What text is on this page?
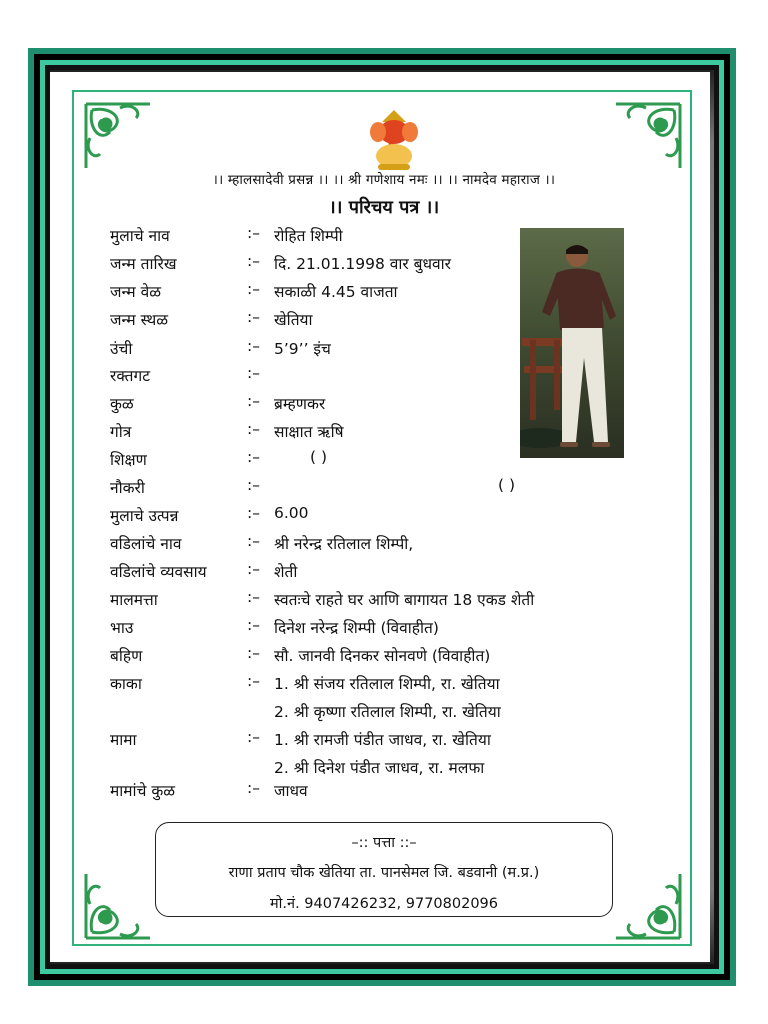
।। म्हालसादेवी प्रसन्न ।। ।। श्री गणेशाय नमः ।। ।। नामदेव महाराज ।।
।। परिचय पत्र ।।
मुलाचे नाव	:– रोहित शिम्पी
जन्म तारिख	:– दि. 21.01.1998 वार बुधवार
जन्म वेळ	:– सकाळी 4.45 वाजता
जन्म स्थळ	:– खेतिया
उंची	:– 5’9’’ इंच
रक्तगट	:–
कुळ	:– ब्रम्हणकर
गोत्र	:– साक्षात ऋषि
शिक्षण	:–	( )
नौकरी	:–	( )
मुलाचे उत्पन्न	:– 6.00
वडिलांचे नाव	:– श्री नरेन्द्र रतिलाल शिम्पी,
वडिलांचे व्यवसाय	:– शेती
मालमत्ता	:– स्वतःचे राहते घर आणि बागायत 18 एकड शेती
भाउ	:– दिनेश नरेन्द्र शिम्पी (विवाहीत)
बहिण	:– सौ. जानवी दिनकर सोनवणे (विवाहीत)
काका	:– 1. श्री संजय रतिलाल शिम्पी, रा. खेतिया
2. श्री कृष्णा रतिलाल शिम्पी, रा. खेतिया
मामा	:– 1. श्री रामजी पंडीत जाधव, रा. खेतिया
2. श्री दिनेश पंडीत जाधव, रा. मलफा
मामांचे कुळ	:– जाधव
–:: पत्ता ::–
राणा प्रताप चौक खेतिया ता. पानसेमल जि. बडवानी (म.प्र.)
मो.नं. 9407426232, 9770802096
